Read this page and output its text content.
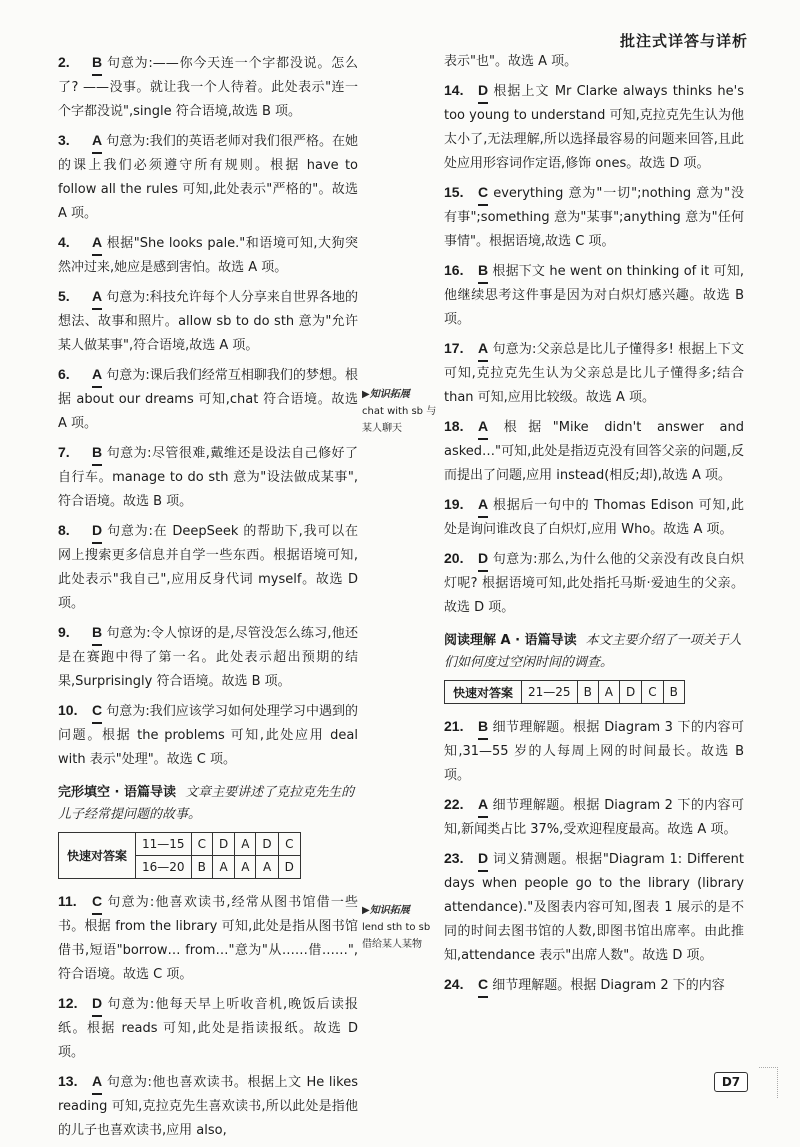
批注式详答与详析
2. B 句意为:——你今天连一个字都没说。怎么了? ——没事。就让我一个人待着。此处表示"连一个字都没说",single 符合语境,故选 B 项。
3. A 句意为:我们的英语老师对我们很严格。在她的课上我们必须遵守所有规则。根据 have to follow all the rules 可知,此处表示"严格的"。故选 A 项。
4. A 根据"She looks pale."和语境可知,大狗突然冲过来,她应是感到害怕。故选 A 项。
5. A 句意为:科技允许每个人分享来自世界各地的想法、故事和照片。allow sb to do sth 意为"允许某人做某事",符合语境,故选 A 项。
6. A 句意为:课后我们经常互相聊我们的梦想。根据 about our dreams 可知,chat 符合语境。故选 A 项。
7. B 句意为:尽管很难,戴维还是设法自己修好了自行车。manage to do sth 意为"设法做成某事",符合语境。故选 B 项。
8. D 句意为:在 DeepSeek 的帮助下,我可以在网上搜索更多信息并自学一些东西。根据语境可知,此处表示"我自己",应用反身代词 myself。故选 D 项。
9. B 句意为:令人惊讶的是,尽管没怎么练习,他还是在赛跑中得了第一名。此处表示超出预期的结果,Surprisingly 符合语境。故选 B 项。
10. C 句意为:我们应该学习如何处理学习中遇到的问题。根据 the problems 可知,此处应用 deal with 表示"处理"。故选 C 项。
完形填空 · 语篇导读 文章主要讲述了克拉克先生的儿子经常提问题的故事。
快速对答案	11—15	C	D	A	D	C
	16—20	B	A	A	A	D
11. C 句意为:他喜欢读书,经常从图书馆借一些书。根据 from the library 可知,此处是指从图书馆借书,短语"borrow… from…"意为"从……借……",符合语境。故选 C 项。
12. D 句意为:他每天早上听收音机,晚饭后读报纸。根据 reads 可知,此处是指读报纸。故选 D 项。
13. A 句意为:他也喜欢读书。根据上文 He likes reading 可知,克拉克先生喜欢读书,所以此处是指他的儿子也喜欢读书,应用 also,
表示"也"。故选 A 项。
14. D 根据上文 Mr Clarke always thinks he's too young to understand 可知,克拉克先生认为他太小了,无法理解,所以选择最容易的问题来回答,且此处应用形容词作定语,修饰 ones。故选 D 项。
15. C everything 意为"一切";nothing 意为"没有事";something 意为"某事";anything 意为"任何事情"。根据语境,故选 C 项。
16. B 根据下文 he went on thinking of it 可知,他继续思考这件事是因为对白炽灯感兴趣。故选 B 项。
17. A 句意为:父亲总是比儿子懂得多! 根据上下文可知,克拉克先生认为父亲总是比儿子懂得多;结合 than 可知,应用比较级。故选 A 项。
18. A 根据"Mike didn't answer and asked…"可知,此处是指迈克没有回答父亲的问题,反而提出了问题,应用 instead(相反;却),故选 A 项。
19. A 根据后一句中的 Thomas Edison 可知,此处是询问谁改良了白炽灯,应用 Who。故选 A 项。
20. D 句意为:那么,为什么他的父亲没有改良白炽灯呢? 根据语境可知,此处指托马斯·爱迪生的父亲。故选 D 项。
阅读理解 A · 语篇导读 本文主要介绍了一项关于人们如何度过空闲时间的调查。
快速对答案	21—25	B	A	D	C	B
21. B 细节理解题。根据 Diagram 3 下的内容可知,31—55 岁的人每周上网的时间最长。故选 B 项。
22. A 细节理解题。根据 Diagram 2 下的内容可知,新闻类占比 37%,受欢迎程度最高。故选 A 项。
23. D 词义猜测题。根据"Diagram 1: Different days when people go to the library (library attendance)."及图表内容可知,图表 1 展示的是不同的时间去图书馆的人数,即图书馆出席率。由此推知,attendance 表示"出席人数"。故选 D 项。
24. C 细节理解题。根据 Diagram 2 下的内容
▶知识拓展
chat with sb 与某人聊天
▶知识拓展
lend sth to sb 借给某人某物
D7
